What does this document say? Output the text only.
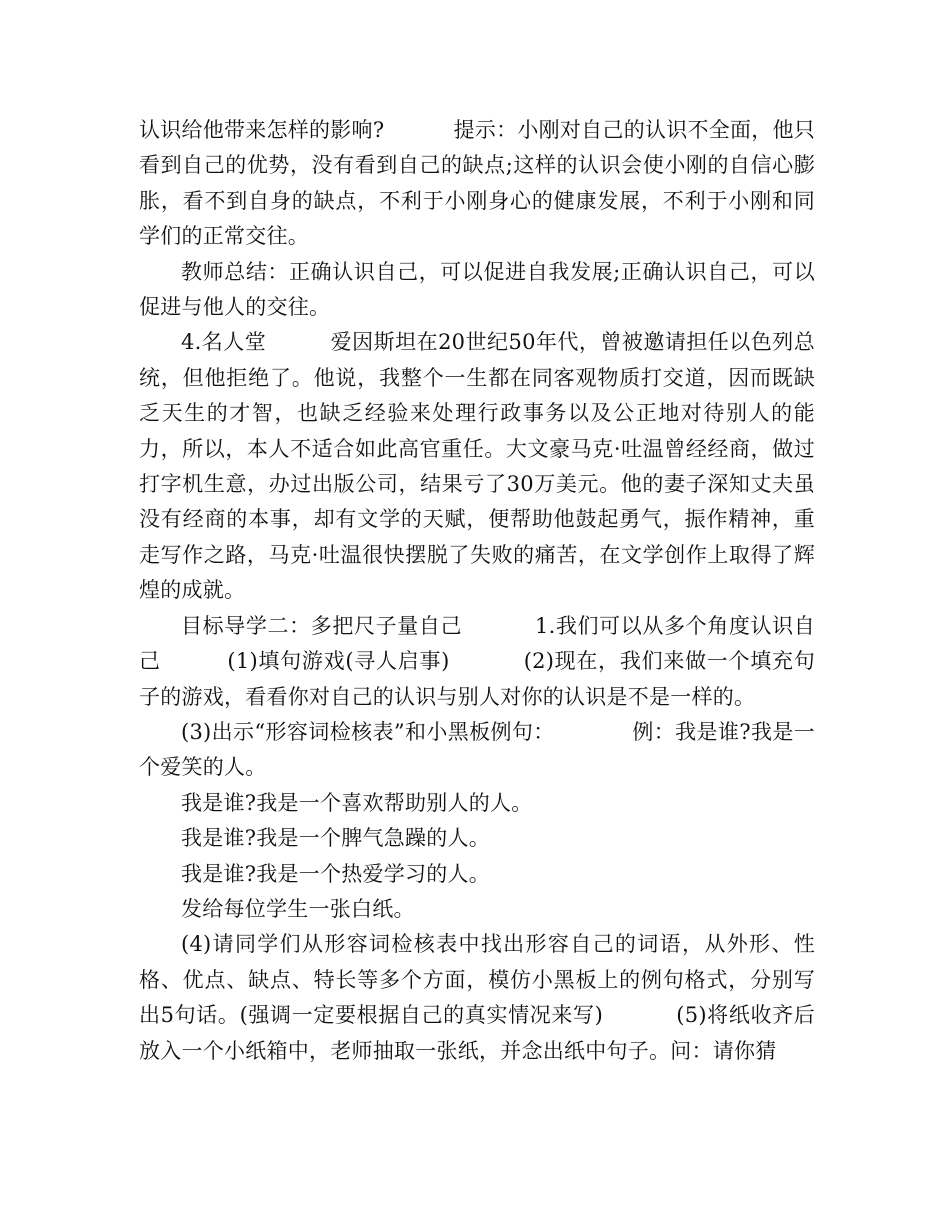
认识给他带来怎样的影响?          提示：小刚对自己的认识不全面，他只看到自己的优势，没有看到自己的缺点;这样的认识会使小刚的自信心膨胀，看不到自身的缺点，不利于小刚身心的健康发展，不利于小刚和同学们的正常交往。

教师总结：正确认识自己，可以促进自我发展;正确认识自己，可以促进与他人的交往。

4.名人堂         爱因斯坦在20世纪50年代，曾被邀请担任以色列总统，但他拒绝了。他说，我整个一生都在同客观物质打交道，因而既缺乏天生的才智，也缺乏经验来处理行政事务以及公正地对待别人的能力，所以，本人不适合如此高官重任。大文豪马克·吐温曾经经商，做过打字机生意，办过出版公司，结果亏了30万美元。他的妻子深知丈夫虽没有经商的本事，却有文学的天赋，便帮助他鼓起勇气，振作精神，重走写作之路，马克·吐温很快摆脱了失败的痛苦，在文学创作上取得了辉煌的成就。

目标导学二：多把尺子量自己          1.我们可以从多个角度认识自己         (1)填句游戏(寻人启事)          (2)现在，我们来做一个填充句子的游戏，看看你对自己的认识与别人对你的认识是不是一样的。

(3)出示“形容词检核表”和小黑板例句：           例：我是谁?我是一个爱笑的人。

我是谁?我是一个喜欢帮助别人的人。

我是谁?我是一个脾气急躁的人。

我是谁?我是一个热爱学习的人。

发给每位学生一张白纸。

(4)请同学们从形容词检核表中找出形容自己的词语，从外形、性格、优点、缺点、特长等多个方面，模仿小黑板上的例句格式，分别写出5句话。(强调一定要根据自己的真实情况来写)          (5)将纸收齐后放入一个小纸箱中，老师抽取一张纸，并念出纸中句子。问：请你猜
